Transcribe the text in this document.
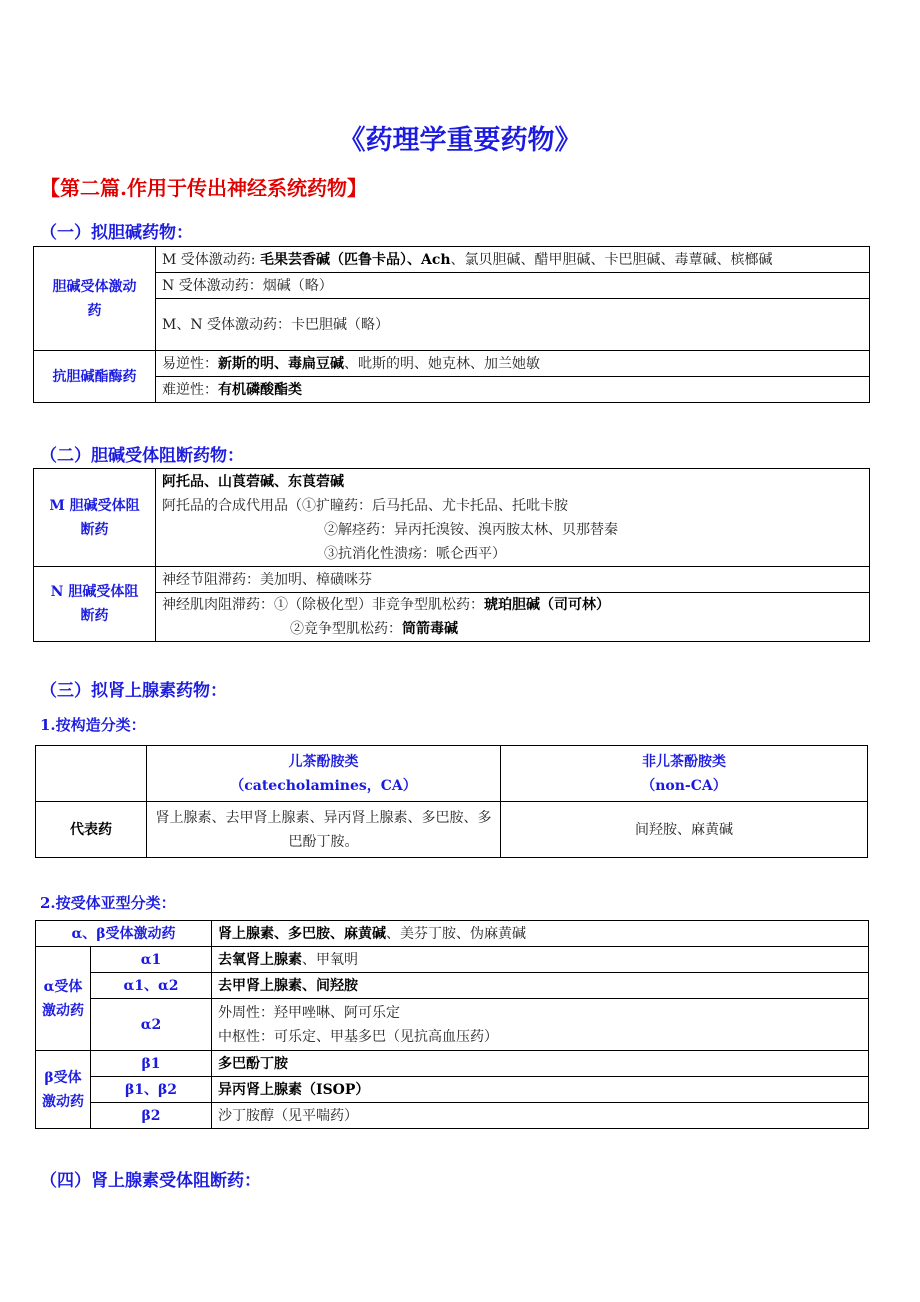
《药理学重要药物》
【第二篇.作用于传出神经系统药物】
（一）拟胆碱药物：
胆碱受体激动药	M 受体激动药: 毛果芸香碱（匹鲁卡品）、Ach、氯贝胆碱、醋甲胆碱、卡巴胆碱、毒蕈碱、槟榔碱
	N 受体激动药：烟碱（略）
	M、N 受体激动药：卡巴胆碱（略）
抗胆碱酯酶药	易逆性：新斯的明、毒扁豆碱、吡斯的明、她克林、加兰她敏
	难逆性：有机磷酸酯类
（二）胆碱受体阻断药物：
M 胆碱受体阻断药	阿托品、山莨菪碱、东莨菪碱
阿托品的合成代用品（①扩瞳药：后马托品、尤卡托品、托吡卡胺
②解痉药：异丙托溴铵、溴丙胺太林、贝那替秦
③抗消化性溃疡：哌仑西平）

N 胆碱受体阻断药	神经节阻滞药：美加明、樟磺咪芬

	神经肌肉阻滞药：①（除极化型）非竞争型肌松药：琥珀胆碱（司可林）
②竞争型肌松药：筒箭毒碱
（三）拟肾上腺素药物：
1.按构造分类：

	儿茶酚胺类
（catecholamines，CA）	非儿茶酚胺类
（non-CA）

代表药	肾上腺素、去甲肾上腺素、异丙肾上腺素、多巴胺、多巴酚丁胺。	间羟胺、麻黄碱
2.按受体亚型分类：
α、β受体激动药		肾上腺素、多巴胺、麻黄碱、美芬丁胺、伪麻黄碱
α受体激动药	α1	去氧肾上腺素、甲氧明
	α1、α2	去甲肾上腺素、间羟胺
	α2	外周性：羟甲唑啉、阿可乐定
中枢性：可乐定、甲基多巴（见抗高血压药）

β受体激动药	β1	多巴酚丁胺
	β1、β2	异丙肾上腺素（ISOP）
	β2	沙丁胺醇（见平喘药）
（四）肾上腺素受体阻断药：
